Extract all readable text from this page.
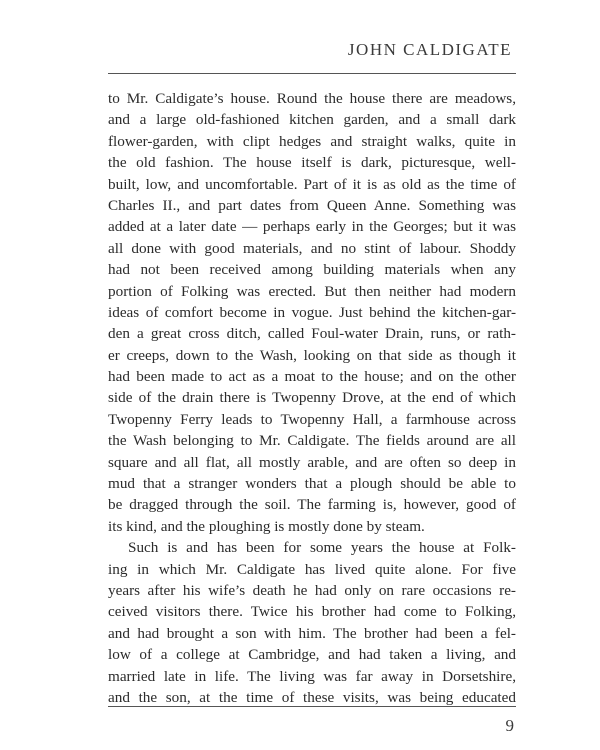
JOHN CALDIGATE
to Mr. Caldigate’s house. Round the house there are meadows,
and a large old-fashioned kitchen garden, and a small dark
flower-garden, with clipt hedges and straight walks, quite in
the old fashion. The house itself is dark, picturesque, well-
built, low, and uncomfortable. Part of it is as old as the time of
Charles II., and part dates from Queen Anne. Something was
added at a later date — perhaps early in the Georges; but it was
all done with good materials, and no stint of labour. Shoddy
had not been received among building materials when any
portion of Folking was erected. But then neither had modern
ideas of comfort become in vogue. Just behind the kitchen-gar-
den a great cross ditch, called Foul-water Drain, runs, or rath-
er creeps, down to the Wash, looking on that side as though it
had been made to act as a moat to the house; and on the other
side of the drain there is Twopenny Drove, at the end of which
Twopenny Ferry leads to Twopenny Hall, a farmhouse across
the Wash belonging to Mr. Caldigate. The fields around are all
square and all flat, all mostly arable, and are often so deep in
mud that a stranger wonders that a plough should be able to
be dragged through the soil. The farming is, however, good of
its kind, and the ploughing is mostly done by steam.
Such is and has been for some years the house at Folk-
ing in which Mr. Caldigate has lived quite alone. For five
years after his wife’s death he had only on rare occasions re-
ceived visitors there. Twice his brother had come to Folking,
and had brought a son with him. The brother had been a fel-
low of a college at Cambridge, and had taken a living, and
married late in life. The living was far away in Dorsetshire,
and the son, at the time of these visits, was being educated
9
